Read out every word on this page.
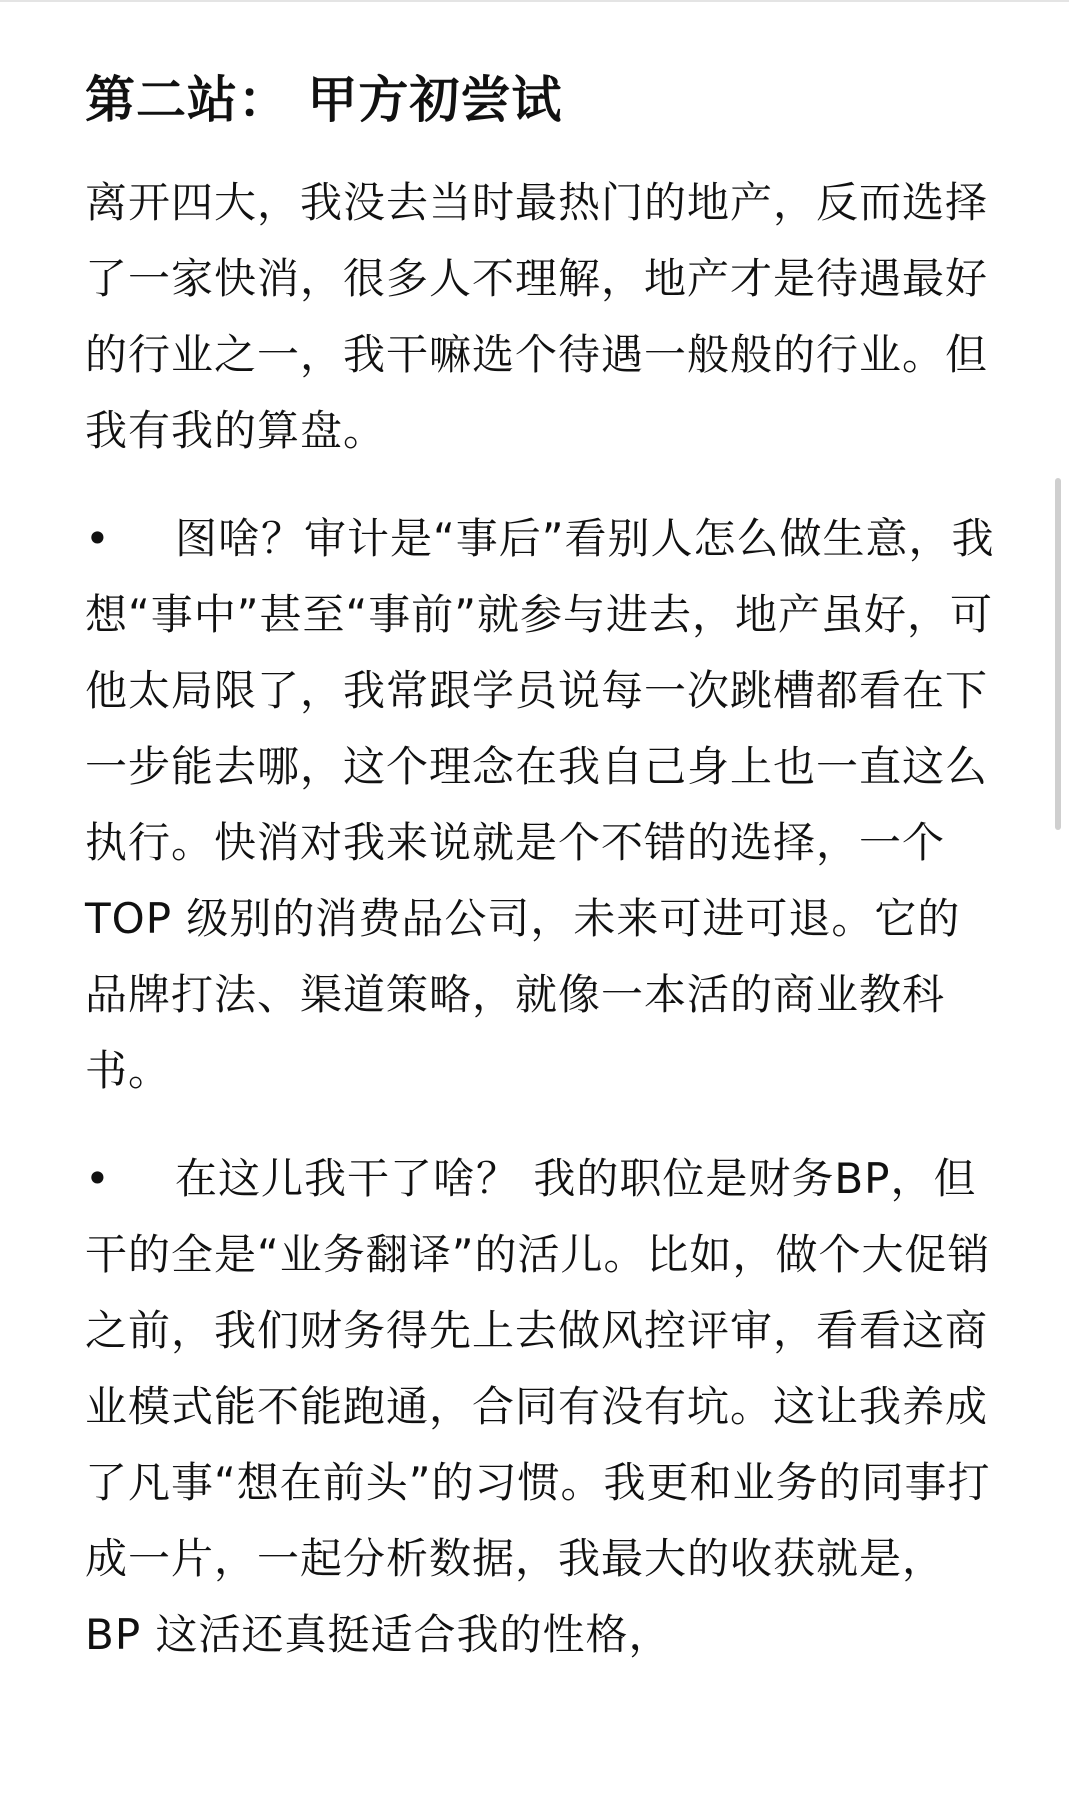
第二站： 甲方初尝试
离开四大，我没去当时最热门的地产，反而选择了一家快消，很多人不理解，地产才是待遇最好的行业之一，我干嘛选个待遇一般般的行业。但我有我的算盘。
• 图啥？审计是“事后”看别人怎么做生意，我想“事中”甚至“事前”就参与进去，地产虽好，可他太局限了，我常跟学员说每一次跳槽都看在下一步能去哪，这个理念在我自己身上也一直这么执行。快消对我来说就是个不错的选择，一个TOP 级别的消费品公司，未来可进可退。它的品牌打法、渠道策略，就像一本活的商业教科书。
• 在这儿我干了啥？ 我的职位是财务BP，但干的全是“业务翻译”的活儿。比如，做个大促销之前，我们财务得先上去做风控评审，看看这商业模式能不能跑通，合同有没有坑。这让我养成了凡事“想在前头”的习惯。我更和业务的同事打成一片，一起分析数据，我最大的收获就是，BP 这活还真挺适合我的性格，
